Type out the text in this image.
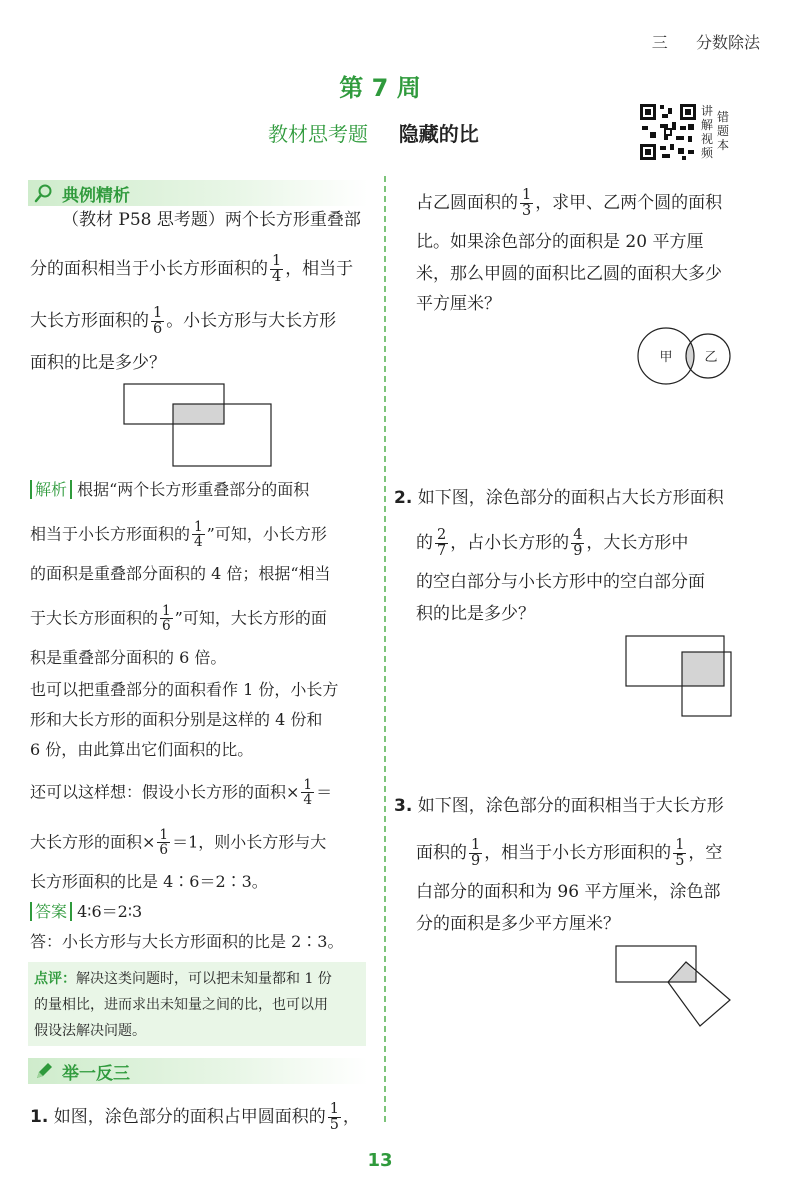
三 分数除法
第 7 周
教材思考题 隐藏的比
讲解视频
错题本
典例精析
（教材 P58 思考题）两个长方形重叠部
分的面积相当于小长方形面积的 $\frac{1}{4}$ ，相当于
大长方形面积的 $\frac{1}{6}$ 。小长方形与大长方形
面积的比是多少？
解析 根据“两个长方形重叠部分的面积
相当于小长方形面积的 $\frac{1}{4}$ ”可知，小长方形
的面积是重叠部分面积的 4 倍；根据“相当
于大长方形面积的 $\frac{1}{6}$ ”可知，大长方形的面
积是重叠部分面积的 6 倍。
也可以把重叠部分的面积看作 1 份，小长方
形和大长方形的面积分别是这样的 4 份和
6 份，由此算出它们面积的比。
还可以这样想：假设小长方形的面积× $\frac{1}{4}$ ＝
大长方形的面积× $\frac{1}{6} =1$，则小长方形与大
长方形面积的比是 4∶6＝2∶3。
答案 4∶6＝2∶3
答：小长方形与大长方形面积的比是 2∶3。
点评：解决这类问题时，可以把未知量都和 1 份
的量相比，进而求出未知量之间的比，也可以用
假设法解决问题。
举一反三
1. 如图，涂色部分的面积占甲圆面积的 $\frac{1}{5}$ ，
占乙圆面积的 $\frac{1}{3}$ ，求甲、乙两个圆的面积
比。如果涂色部分的面积是 20 平方厘
米，那么甲圆的面积比乙圆的面积大多少
平方厘米？
甲 乙
2. 如下图，涂色部分的面积占大长方形面积
的 $\frac{2}{7}$ ，占小长方形的 $\frac{4}{9}$ ，大长方形中
的空白部分与小长方形中的空白部分面
积的比是多少？
3. 如下图，涂色部分的面积相当于大长方形
面积的 $\frac{1}{9}$ ，相当于小长方形面积的 $\frac{1}{5}$ ，空
白部分的面积和为 96 平方厘米，涂色部
分的面积是多少平方厘米？
13
